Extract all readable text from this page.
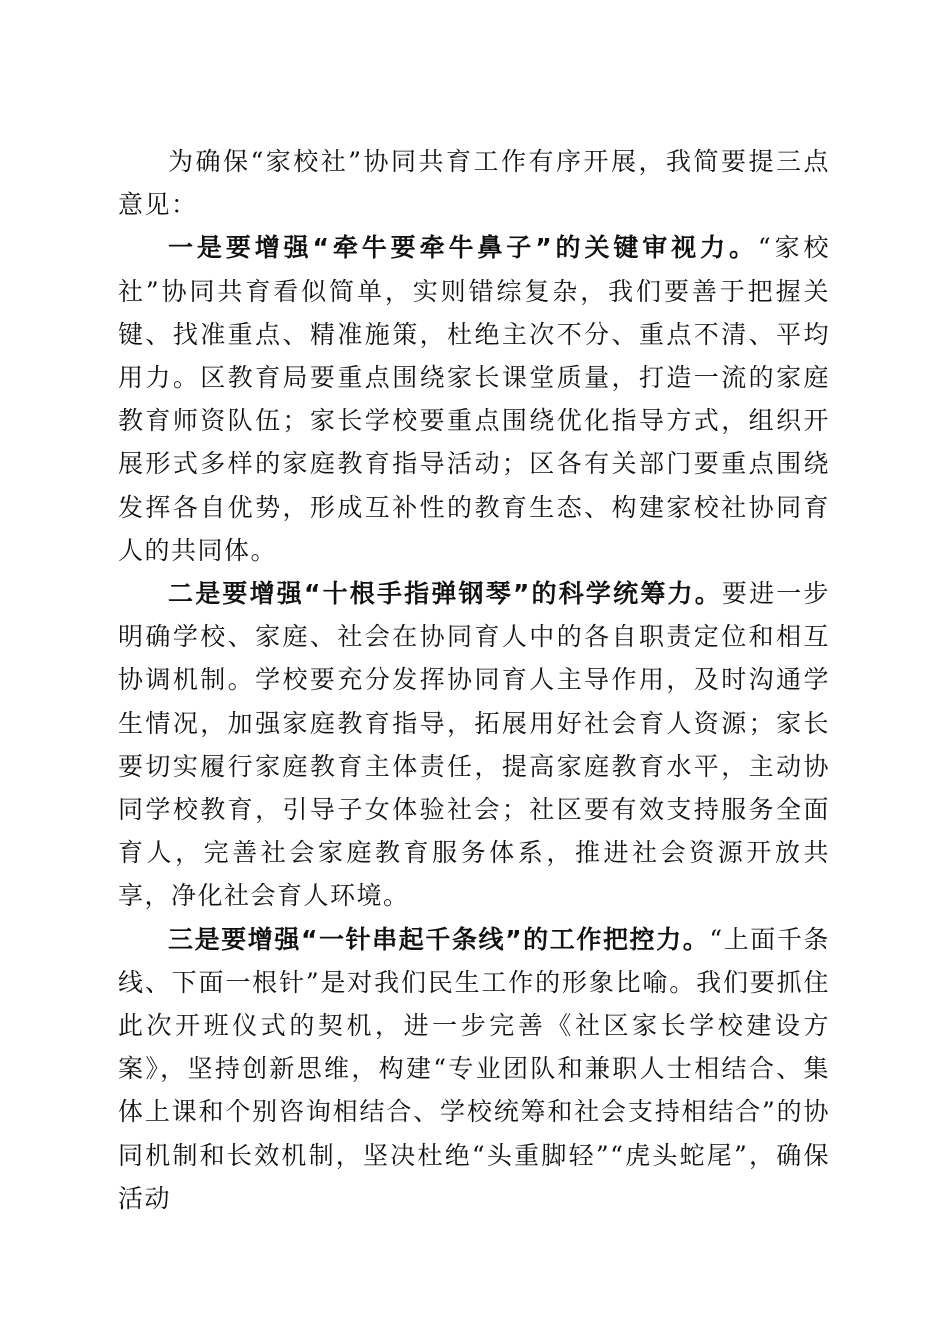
为确保“家校社”协同共育工作有序开展，我简要提三点意见：

一是要增强“牵牛要牵牛鼻子”的关键审视力。“家校社”协同共育看似简单，实则错综复杂，我们要善于把握关键、找准重点、精准施策，杜绝主次不分、重点不清、平均用力。区教育局要重点围绕家长课堂质量，打造一流的家庭教育师资队伍；家长学校要重点围绕优化指导方式，组织开展形式多样的家庭教育指导活动；区各有关部门要重点围绕发挥各自优势，形成互补性的教育生态、构建家校社协同育人的共同体。

二是要增强“十根手指弹钢琴”的科学统筹力。要进一步明确学校、家庭、社会在协同育人中的各自职责定位和相互协调机制。学校要充分发挥协同育人主导作用，及时沟通学生情况，加强家庭教育指导，拓展用好社会育人资源；家长要切实履行家庭教育主体责任，提高家庭教育水平，主动协同学校教育，引导子女体验社会；社区要有效支持服务全面育人，完善社会家庭教育服务体系，推进社会资源开放共享，净化社会育人环境。

三是要增强“一针串起千条线”的工作把控力。“上面千条线、下面一根针”是对我们民生工作的形象比喻。我们要抓住此次开班仪式的契机，进一步完善《社区家长学校建设方案》，坚持创新思维，构建“专业团队和兼职人士相结合、集体上课和个别咨询相结合、学校统筹和社会支持相结合”的协同机制和长效机制，坚决杜绝“头重脚轻”“虎头蛇尾”，确保活动
